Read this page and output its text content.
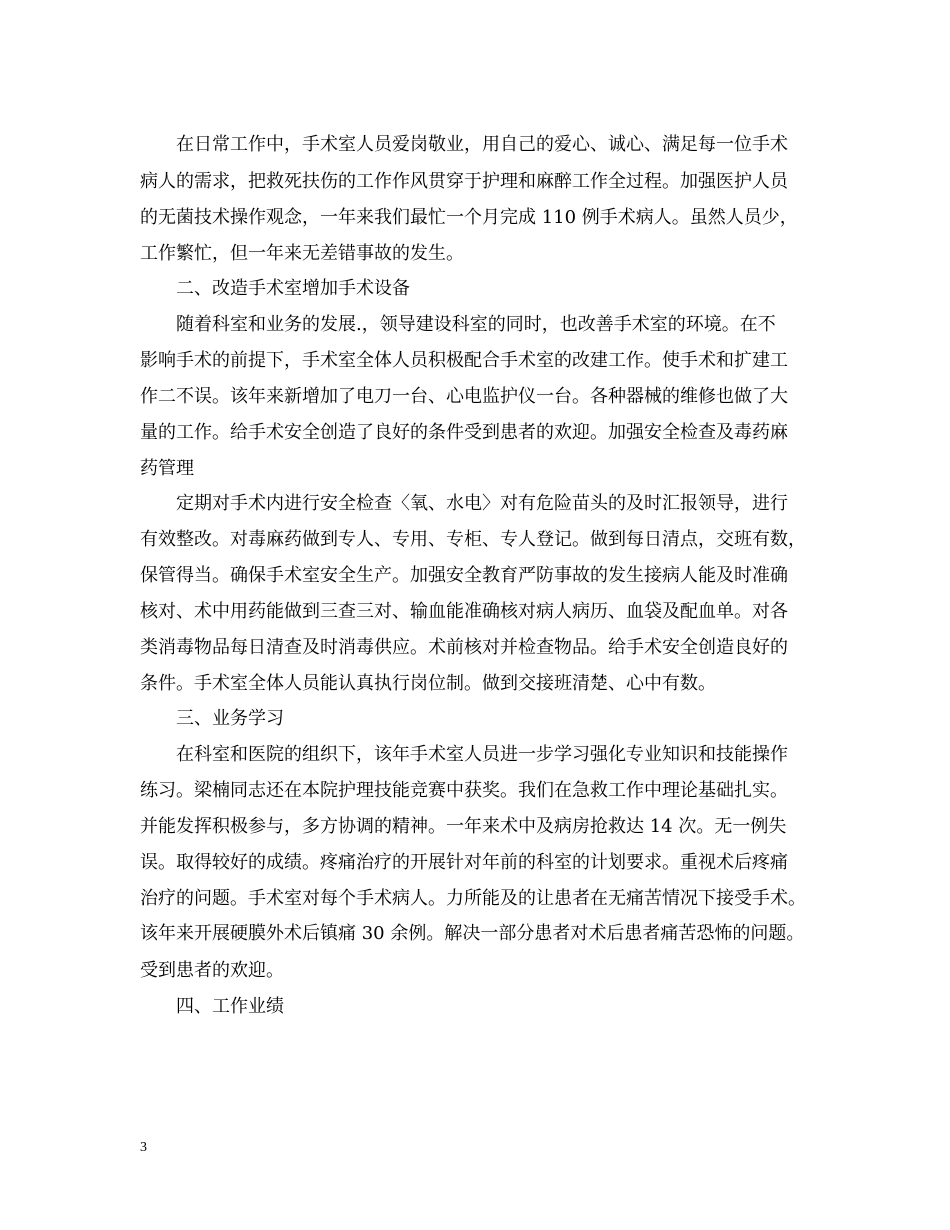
在日常工作中，手术室人员爱岗敬业，用自己的爱心、诚心、满足每一位手术
病人的需求，把救死扶伤的工作作风贯穿于护理和麻醉工作全过程。加强医护人员
的无菌技术操作观念，一年来我们最忙一个月完成 110 例手术病人。虽然人员少，
工作繁忙，但一年来无差错事故的发生。
二、改造手术室增加手术设备
随着科室和业务的发展.，领导建设科室的同时，也改善手术室的环境。在不
影响手术的前提下，手术室全体人员积极配合手术室的改建工作。使手术和扩建工
作二不误。该年来新增加了电刀一台、心电监护仪一台。各种器械的维修也做了大
量的工作。给手术安全创造了良好的条件受到患者的欢迎。加强安全检查及毒药麻
药管理
定期对手术内进行安全检查〈氧、水电〉对有危险苗头的及时汇报领导，进行
有效整改。对毒麻药做到专人、专用、专柜、专人登记。做到每日清点，交班有数，
保管得当。确保手术室安全生产。加强安全教育严防事故的发生接病人能及时准确
核对、术中用药能做到三查三对、输血能准确核对病人病历、血袋及配血单。对各
类消毒物品每日清查及时消毒供应。术前核对并检查物品。给手术安全创造良好的
条件。手术室全体人员能认真执行岗位制。做到交接班清楚、心中有数。
三、业务学习
在科室和医院的组织下，该年手术室人员进一步学习强化专业知识和技能操作
练习。梁楠同志还在本院护理技能竞赛中获奖。我们在急救工作中理论基础扎实。
并能发挥积极参与，多方协调的精神。一年来术中及病房抢救达 14 次。无一例失
误。取得较好的成绩。疼痛治疗的开展针对年前的科室的计划要求。重视术后疼痛
治疗的问题。手术室对每个手术病人。力所能及的让患者在无痛苦情况下接受手术。
该年来开展硬膜外术后镇痛 30 余例。解决一部分患者对术后患者痛苦恐怖的问题。
受到患者的欢迎。
四、工作业绩
3
